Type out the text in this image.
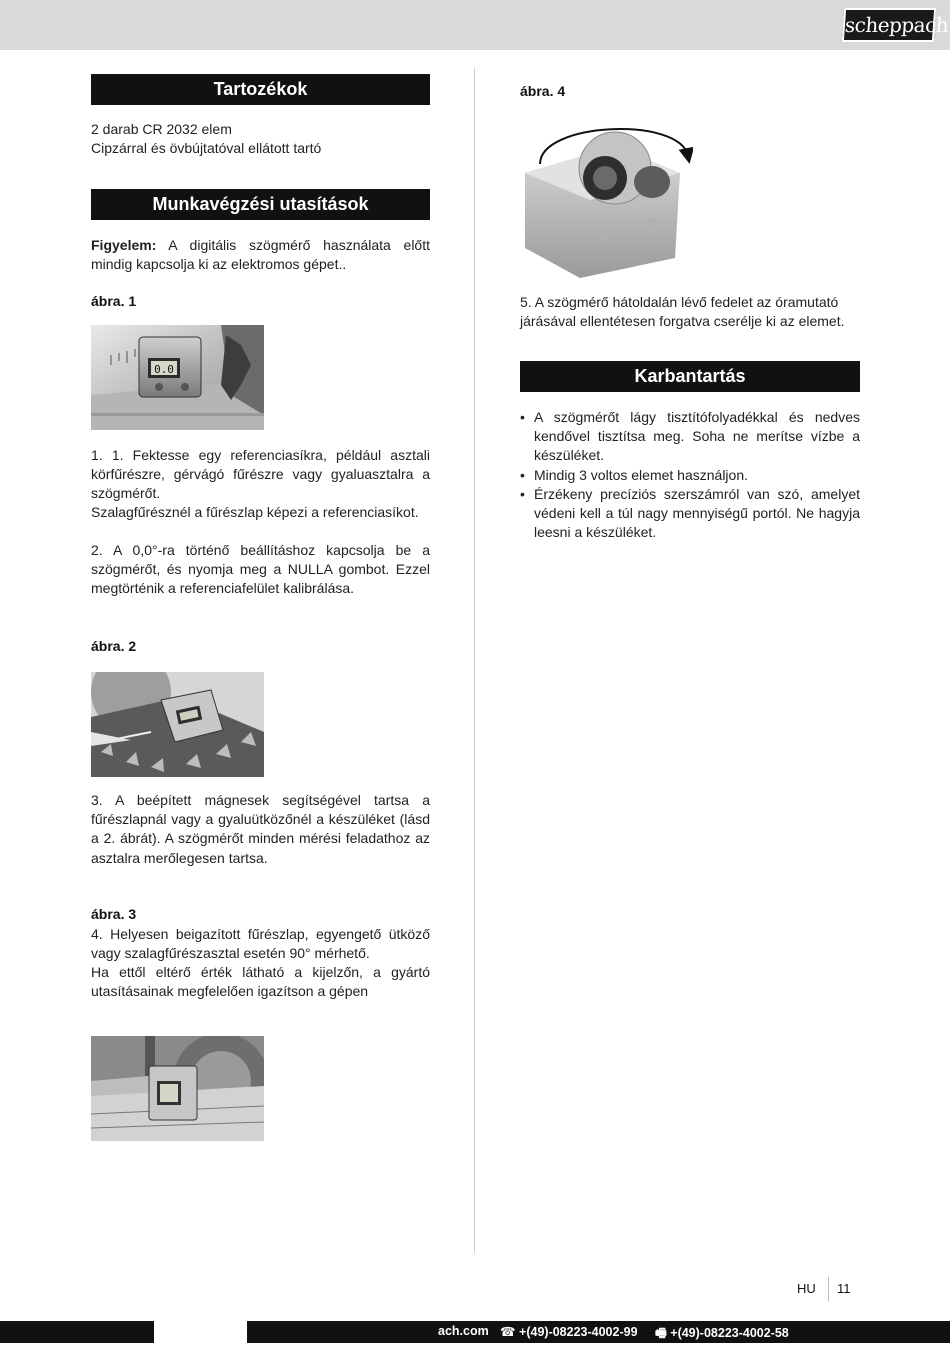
scheppach
Tartozékok
2 darab CR 2032 elem
Cipzárral és övbújtatóval ellátott tartó
Munkavégzési utasítások
Figyelem: A digitális szögmérő használata előtt mindig kapcsolja ki az elektromos gépet..
ábra. 1
0.0
1. 1. Fektesse egy referenciasíkra, például asztali körfűrészre, gérvágó fűrészre vagy gyaluasztalra a szögmérőt.
Szalagfűrésznél a fűrészlap képezi a referenciasíkot.
2. A 0,0°-ra történő beállításhoz kapcsolja be a szögmérőt, és nyomja meg a NULLA gombot. Ezzel megtörténik a referenciafelület kalibrálása.
ábra. 2
3. A beépített mágnesek segítségével tartsa a fűrészlapnál vagy a gyaluütközőnél a készüléket (lásd a 2. ábrát). A szögmérőt minden mérési feladathoz az asztalra merőlegesen tartsa.
ábra. 3
4. Helyesen beigazított fűrészlap, egyengető ütköző vagy szalagfűrészasztal esetén 90° mérhető.
Ha ettől eltérő érték látható a kijelzőn, a gyártó utasításainak megfelelően igazítson a gépen
ábra. 4
5. A szögmérő hátoldalán lévő fedelet az óramutató járásával ellentétesen forgatva cserélje ki az elemet.
Karbantartás
• A szögmérőt lágy tisztítófolyadékkal és nedves kendővel tisztítsa meg. Soha ne merítse vízbe a készüléket.
• Mindig 3 voltos elemet használjon.
• Érzékeny precíziós szerszámról van szó, amelyet védeni kell a túl nagy mennyiségű portól. Ne hagyja leesni a készüléket.
HU 11
ach.com ☎ +(49)-08223-4002-99 🖷 +(49)-08223-4002-58
